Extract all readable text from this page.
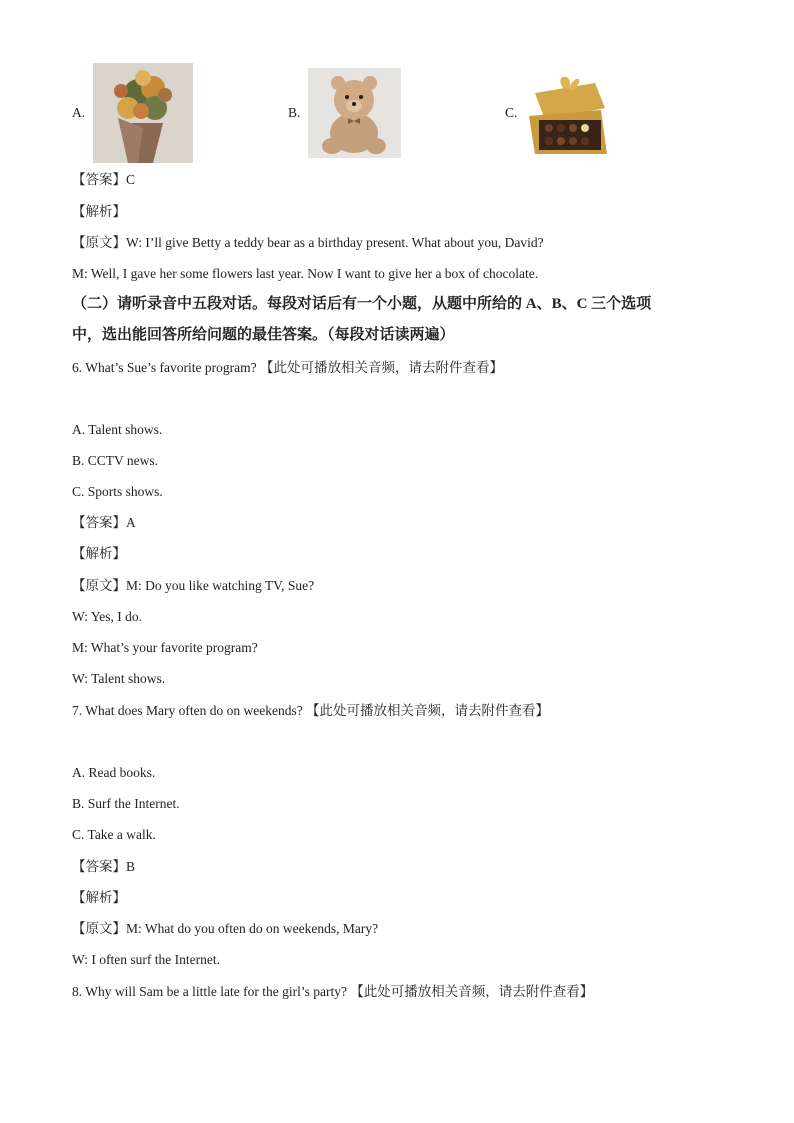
A.	B.	C.
【答案】C
【解析】
【原文】W: I’ll give Betty a teddy bear as a birthday present. What about you, David?
M: Well, I gave her some flowers last year. Now I want to give her a box of chocolate.
（二）请听录音中五段对话。每段对话后有一个小题，从题中所给的 A、B、C 三个选项
中，选出能回答所给问题的最佳答案。（每段对话读两遍）
6. What’s Sue’s favorite program? 【此处可播放相关音频，请去附件查看】
A. Talent shows.
B. CCTV news.
C. Sports shows.
【答案】A
【解析】
【原文】M: Do you like watching TV, Sue?
W: Yes, I do.
M: What’s your favorite program?
W: Talent shows.
7. What does Mary often do on weekends? 【此处可播放相关音频，请去附件查看】
A. Read books.
B. Surf the Internet.
C. Take a walk.
【答案】B
【解析】
【原文】M: What do you often do on weekends, Mary?
W: I often surf the Internet.
8. Why will Sam be a little late for the girl’s party? 【此处可播放相关音频，请去附件查看】
